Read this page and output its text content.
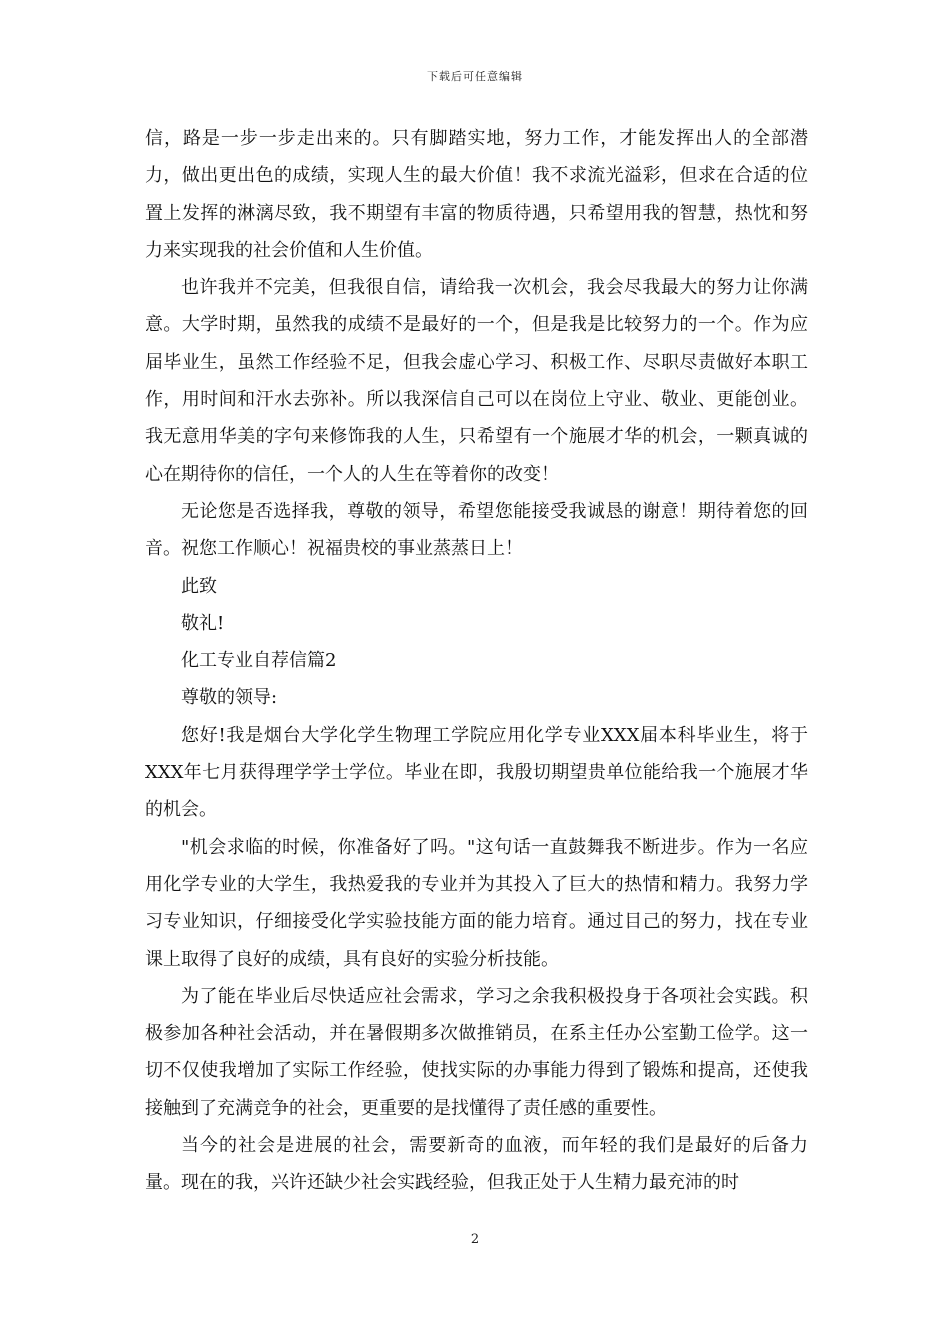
下载后可任意编辑

信，路是一步一步走出来的。只有脚踏实地，努力工作，才能发挥出人的全部潜力，做出更出色的成绩，实现人生的最大价值！我不求流光溢彩，但求在合适的位置上发挥的淋漓尽致，我不期望有丰富的物质待遇，只希望用我的智慧，热忱和努力来实现我的社会价值和人生价值。

也许我并不完美，但我很自信，请给我一次机会，我会尽我最大的努力让你满意。大学时期，虽然我的成绩不是最好的一个，但是我是比较努力的一个。作为应届毕业生，虽然工作经验不足，但我会虚心学习、积极工作、尽职尽责做好本职工作，用时间和汗水去弥补。所以我深信自己可以在岗位上守业、敬业、更能创业。我无意用华美的字句来修饰我的人生，只希望有一个施展才华的机会，一颗真诚的心在期待你的信任，一个人的人生在等着你的改变！

无论您是否选择我，尊敬的领导，希望您能接受我诚恳的谢意！期待着您的回音。祝您工作顺心！祝福贵校的事业蒸蒸日上！

此致

敬礼!

化工专业自荐信篇2

尊敬的领导:

您好!我是烟台大学化学生物理工学院应用化学专业XXX届本科毕业生，将于XXX年七月获得理学学士学位。毕业在即，我殷切期望贵单位能给我一个施展才华的机会。

"机会求临的时候，你准备好了吗。"这句话一直鼓舞我不断进步。作为一名应用化学专业的大学生，我热爱我的专业并为其投入了巨大的热情和精力。我努力学习专业知识，仔细接受化学实验技能方面的能力培育。通过目己的努力，找在专业课上取得了良好的成绩，具有良好的实验分析技能。

为了能在毕业后尽快适应社会需求，学习之余我积极投身于各项社会实践。积极参加各种社会活动，并在暑假期多次做推销员，在系主任办公室勤工俭学。这一切不仅使我增加了实际工作经验，使找实际的办事能力得到了锻炼和提高，还使我接触到了充满竞争的社会，更重要的是找懂得了责任感的重要性。

当今的社会是进展的社会，需要新奇的血液，而年轻的我们是最好的后备力量。现在的我，兴许还缺少社会实践经验，但我正处于人生精力最充沛的时

2
